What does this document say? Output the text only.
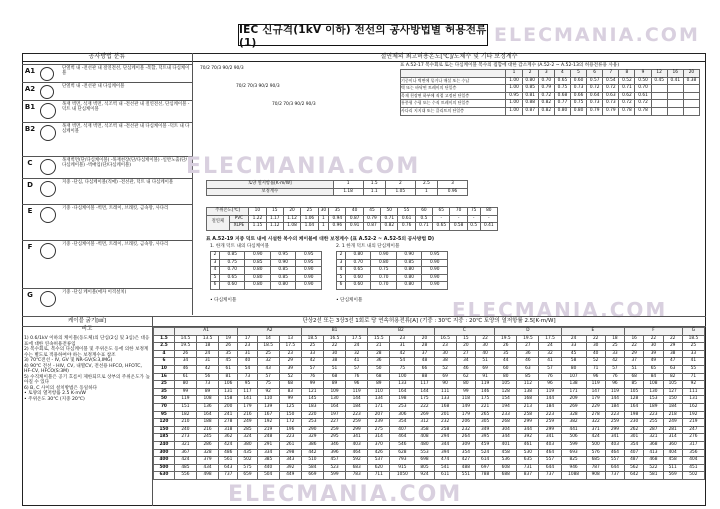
IEC 신규격(1kV 이하) 전선의 공사방법별 허용전류(1)	ELECMANIA.COM
공사방법 분류	절연체의 최고허용온도[℃]/도체수 및 기타 보정계수
A1	단열벽 내 -전선관 내 절연전선, 단심케이블 -복합, 덕트내 다심케이블
70/2 70/3 90/2 90/3
A2	단열벽 내 -전선관 내 다심케이블	70/2 70/3 90/2 90/3
B1	목재 벽면, 석재 벽면, 석조벽 내 -전선관 내 절연전선, 단심케이블 -덕트 내 단심케이블
70/2 70/3 90/2 90/3
B2	목재 벽면, 석재 벽면, 석조벽 내 -전선관 내 다심케이블 -덕트 내 다심케이블
C	목재벽면(단/다심케이블) -목재천장(단/다심케이블) -일반노출(단/다심케이블) -벽매입(단/다심케이블)
D	지중 -단심, 다심케이블(직매) -전선관, 덕트 내 다심케이블
E	기중 -다심케이블 -벽면, 트레이, 브래킷, 금속망, 사다리
F	기중 -단심케이블 -벽면, 트레이, 브래킷, 금속망, 사다리
G	기중 -단심 케이블(애자 이격설치)
표 A.52-17 복수회로 또는 다심케이블 복수의 집합에 대한 감소계수 (A.52-2 ~ A.52-13의 허용전류용 사용)
	1	2	3	4	5	6	7	8	9	12	16	20
기중이나 벽면에 묶거나 매설 또는 수납	1.00	0.80	0.70	0.65	0.60	0.57	0.54	0.52	0.50	0.45	0.41	0.38
벽 또는 바닥면 트레이의 단일층	1.00	0.85	0.79	0.75	0.73	0.72	0.72	0.71	0.70			
목재 천장면 하부에 직접 고정된 단일층	0.95	0.81	0.72	0.68	0.66	0.64	0.63	0.62	0.61			
통풍형 수평 또는 수직 트레이의 단일층	1.00	0.88	0.82	0.77	0.75	0.73	0.73	0.72	0.72			
사다리 지지대 또는 클리트의 단일층	1.00	0.87	0.82	0.80	0.80	0.79	0.79	0.78	0.78			
토양 열저항률[K·m/W]	1	1.5	2	2.5	3
보정계수	1.18	1.1	1.05	1	0.96
주위온도[℃]		10	15	20	25	30	35	40	45	50	55	60	65	70	75	80
절연체	PVC	1.22	1.17	1.12	1.06	1	0.94	0.87	0.79	0.71	0.61	0.5	-	-	-	-
	XLPE	1.15	1.12	1.08	1.04	1	0.96	0.91	0.87	0.82	0.76	0.71	0.65	0.58	0.5	0.41
표 A.52-19 지중 덕트 내에 시설한 복수의 케이블에 대한 보정계수 (표 A.52-2 ~ A.52-5의 공사방법 D)
1. 한개 덕트 내의 다심케이블	2. 1 한개 덕트 내의 단심케이블
2	0.85	0.90	0.95	0.95
3	0.75	0.85	0.90	0.95
4	0.70	0.80	0.85	0.90
5	0.65	0.80	0.85	0.90
6	0.60	0.80	0.80	0.90
2	0.80	0.90	0.90	0.95
3	0.70	0.80	0.85	0.90
4	0.65	0.75	0.80	0.90
5	0.60	0.70	0.80	0.90
6	0.60	0.70	0.80	0.90
• 다심케이블	• 단심케이블
ELECMANIA.COM
ELECMANIA.COM
케이블 굵기[㎟]	단상2선 또는 3상3선 1회로 당 연속허용전류[A] (기중 : 30℃ 지중 : 20℃ 토양의 열저항률 2.5[K·m/W]
비고
1) 0.6/1kV 이하의 케이블(동도체)의 단심(2심 및 3심)은 대응표에 대한 연속허용전류임
2) 복수회로, 복수의 다심케이블 및 주위온도 등에 의한 보정계수는 별도로 적용하여야 하는 보정계수표 참조
3) 70℃전선 - IV, GV 및 NR-GV(S:3,IMG)
4) 90℃ 전선 - HIV, CV, 내열CV, 전선용 HFCO, HFOTC, HF-CV, HFCO(S:3M)
5) 수직케이블은 공기 흐름이 제한되므로 상부의 주위온도가 높아질 수 있다
6) B, C 사이의 설치방법은 동일하다
• 토양의 열저항률 2.5 K·m/W
• 주위온도 30℃ (지중 20℃)
	A1			A2			B1			B2			C			D			E			F			G
1.5	14.5	13.5	19	17	14	13	18.5	16.5	17.5	15.5	23	20	16.5	15	22	19.5	19.5	17.5	24	22	18	16	22	22	18.5
2.5	19.5	18	26	23	18.5	17.5	25	22	24	21	31	28	23	20	30	26	27	24	33	30	25	22	30	29	25
4	26	24	35	31	25	23	33	30	32	28	42	37	30	27	40	35	36	32	45	40	33	29	39	38	33
6	34	31	45	40	32	29	42	38	41	36	54	48	38	34	51	44	46	41	58	52	42	37	49	47	41
10	46	42	61	54	43	39	57	51	57	50	75	66	52	46	69	60	63	57	80	71	57	51	65	63	55
16	61	56	81	73	57	52	76	68	76	68	100	88	69	62	91	80	85	76	107	96	76	68	84	82	71
25	80	73	106	95	75	68	99	89	96	89	133	117	90	80	119	105	112	96	138	119	96	85	108	105	92
35	99	89	131	117	92	83	121	109	119	110	164	144	111	99	146	128	138	119	171	147	119	105	130	127	111
50	119	108	158	141	110	99	145	130	144	134	198	175	133	118	175	154	168	144	209	179	144	128	153	150	131
70	151	136	200	179	139	125	183	164	184	171	253	222	168	149	221	194	213	184	269	229	184	164	189	184	162
95	182	164	241	216	167	150	220	197	223	207	306	269	201	179	265	233	258	223	328	278	223	198	223	218	192
120	210	188	278	249	192	172	253	227	259	239	354	312	232	206	305	268	299	259	382	322	259	230	255	249	219
150	240	216	318	285	219	196	290	259	299	275	407	358	258	232	349	304	344	299	441	371	299	262	287	281	247
185	273	245	362	324	248	223	329	295	341	314	464	408	294	264	395	344	392	341	506	424	341	301	321	314	276
240	321	286	424	380	291	261	386	346	403	370	546	480	344	309	459	401	461	403	599	500	403	354	368	360	317
300	367	328	486	435	334	298	442	396	464	426	628	553	394	354	524	458	530	464	693	576	464	407	413	404	356
400	424	379	561	502	385	343	510	457	592	537	793	698	474	427	614	536	635	557	825	685	557	487	468	458	404
500	485	434	643	575	440	392	584	523	683	620	915	805	541	488	697	608	731	644	946	787	644	562	522	511	451
630	556	498	737	659	504	449	669	599	783	711	1050	924	611	551	788	688	837	737	1088	908	737	642	581	569	502
ELECMANIA.COM
